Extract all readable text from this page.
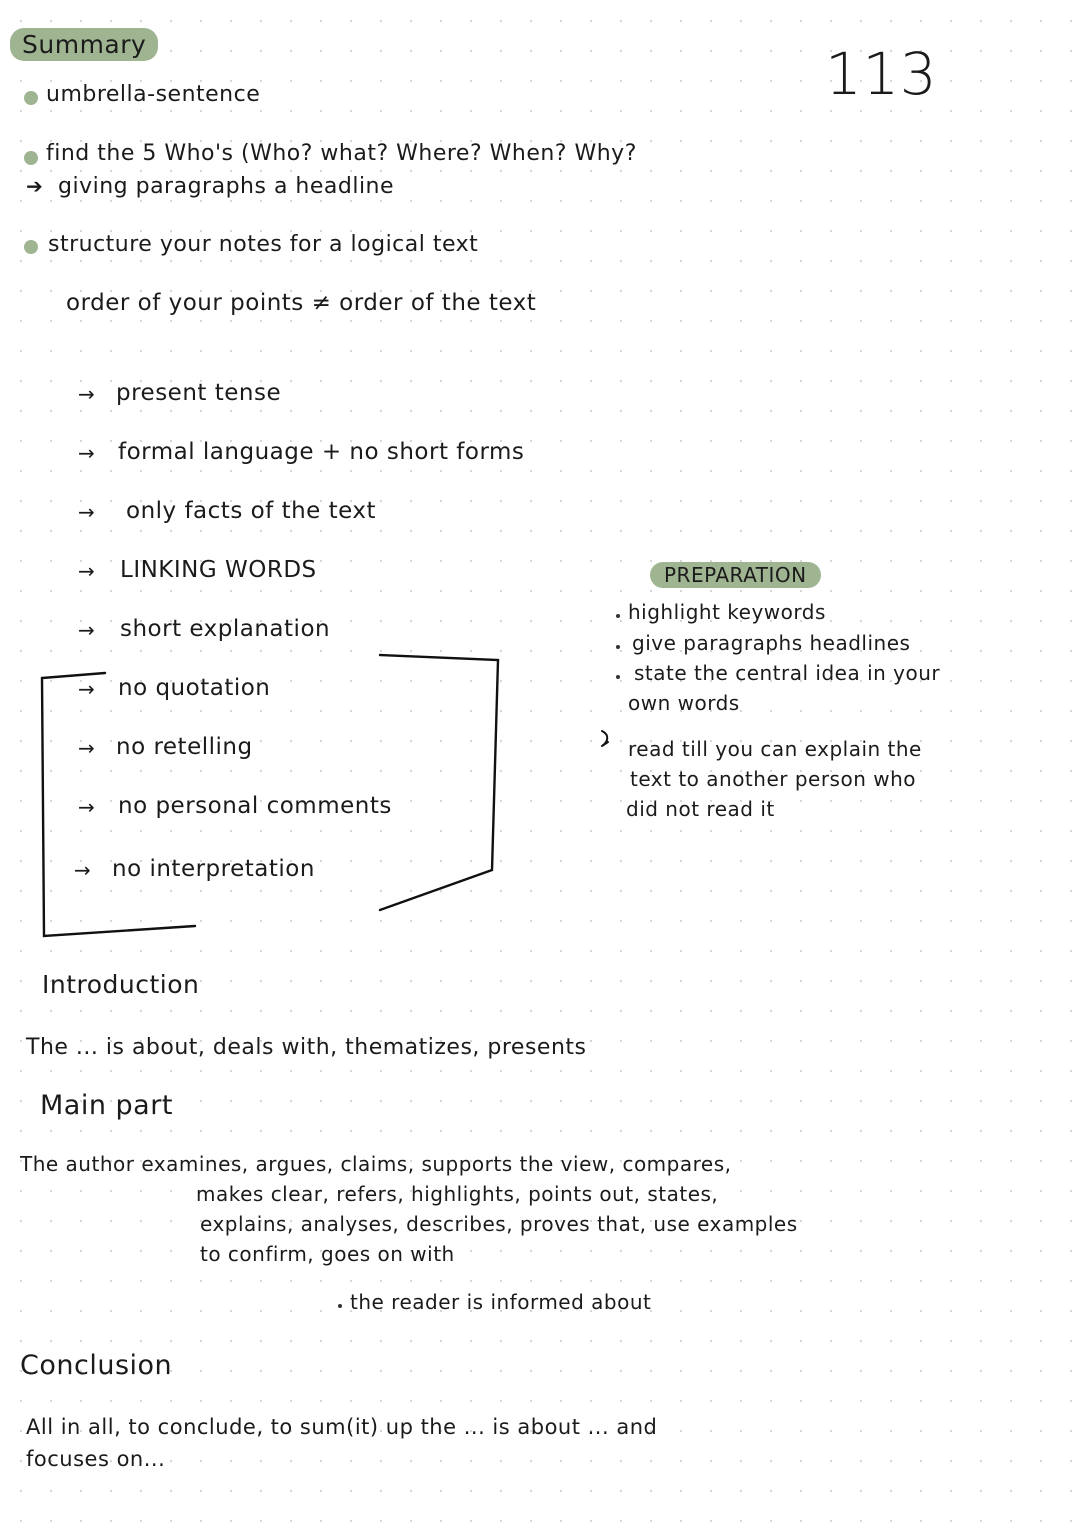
Summary	113
umbrella-sentence
find the 5 Who's (Who? what? Where? When? Why?
➔ giving paragraphs a headline
structure your notes for a logical text
order of your points ≠ order of the text
→ present tense
→ formal language + no short forms
→ only facts of the text
→ LINKING WORDS
→ short explanation
→ no quotation
→ no retelling
→ no personal comments
→ no interpretation
PREPARATION
highlight keywords
give paragraphs headlines
state the central idea in your
own words
read till you can explain the
text to another person who
did not read it
Introduction
The ... is about, deals with, thematizes, presents
Main part
The author examines, argues, claims, supports the view, compares,
makes clear, refers, highlights, points out, states,
explains, analyses, describes, proves that, use examples
to confirm, goes on with
the reader is informed about
Conclusion
All in all, to conclude, to sum(it) up the ... is about ... and
focuses on...
